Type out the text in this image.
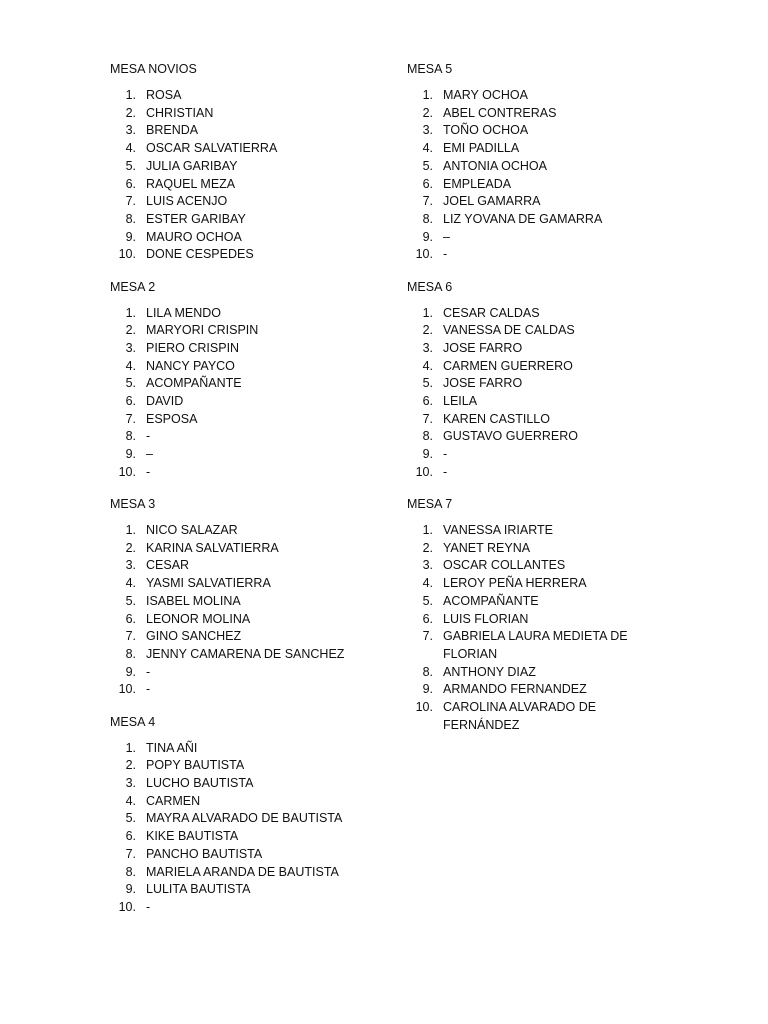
MESA NOVIOS
1. ROSA
2. CHRISTIAN
3. BRENDA
4. OSCAR SALVATIERRA
5. JULIA GARIBAY
6. RAQUEL MEZA
7. LUIS ACENJO
8. ESTER GARIBAY
9. MAURO OCHOA
10. DONE CESPEDES
MESA 2
1. LILA MENDO
2. MARYORI CRISPIN
3. PIERO CRISPIN
4. NANCY PAYCO
5. ACOMPAÑANTE
6. DAVID
7. ESPOSA
8. -
9. –
10. -
MESA 3
1. NICO SALAZAR
2. KARINA SALVATIERRA
3. CESAR
4. YASMI SALVATIERRA
5. ISABEL MOLINA
6. LEONOR MOLINA
7. GINO SANCHEZ
8. JENNY CAMARENA DE SANCHEZ
9. -
10. -
MESA 4
1. TINA AÑI
2. POPY BAUTISTA
3. LUCHO BAUTISTA
4. CARMEN
5. MAYRA ALVARADO DE BAUTISTA
6. KIKE BAUTISTA
7. PANCHO BAUTISTA
8. MARIELA ARANDA DE BAUTISTA
9. LULITA BAUTISTA
10. -
MESA 5
1. MARY OCHOA
2. ABEL CONTRERAS
3. TOÑO OCHOA
4. EMI PADILLA
5. ANTONIA OCHOA
6. EMPLEADA
7. JOEL GAMARRA
8. LIZ YOVANA DE GAMARRA
9. –
10. -
MESA 6
1. CESAR CALDAS
2. VANESSA DE CALDAS
3. JOSE FARRO
4. CARMEN GUERRERO
5. JOSE FARRO
6. LEILA
7. KAREN CASTILLO
8. GUSTAVO GUERRERO
9. -
10. -
MESA 7
1. VANESSA IRIARTE
2. YANET REYNA
3. OSCAR COLLANTES
4. LEROY PEÑA HERRERA
5. ACOMPAÑANTE
6. LUIS FLORIAN
7. GABRIELA LAURA MEDIETA DE FLORIAN
8. ANTHONY DIAZ
9. ARMANDO FERNANDEZ
10. CAROLINA ALVARADO DE FERNÁNDEZ
